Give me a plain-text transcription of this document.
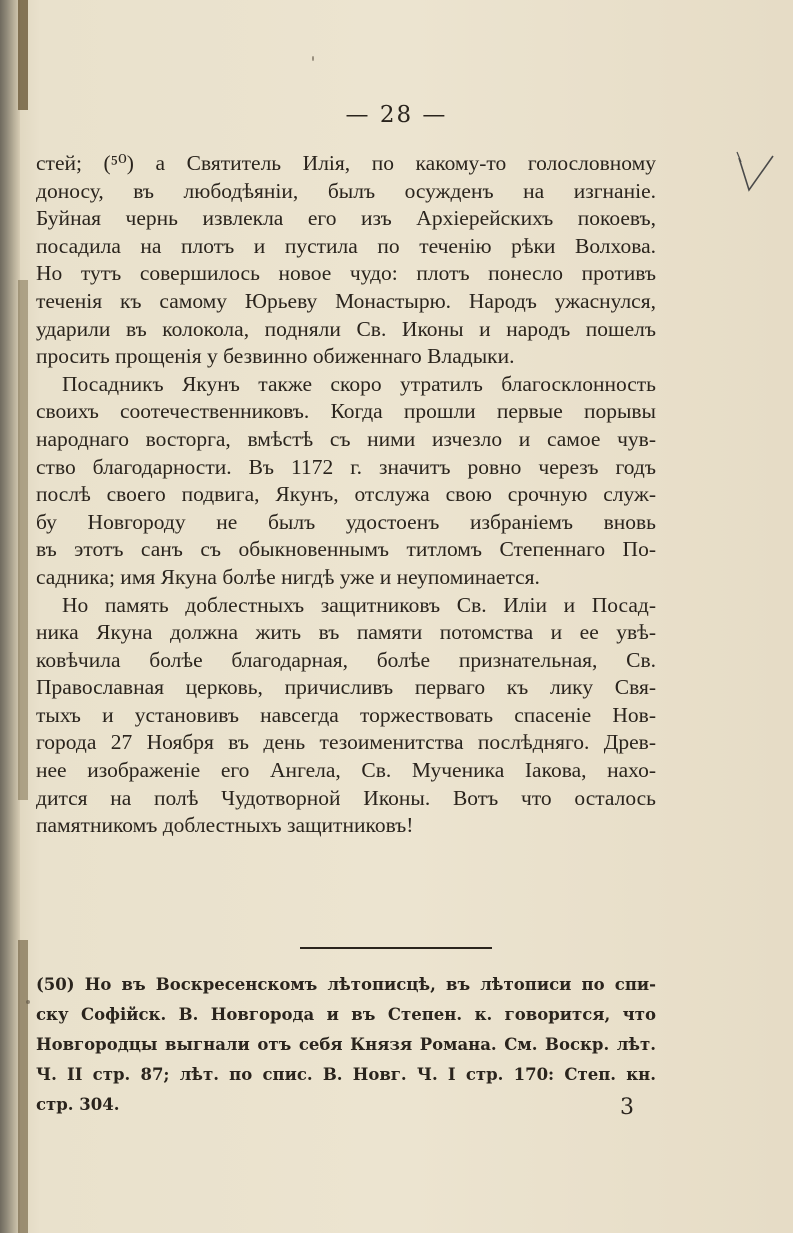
— 28 —

стей; (⁵⁰) а Святитель Илія, по какому-то голословному
доносу, въ любодѣяніи, былъ осужденъ на изгнаніе.
Буйная чернь извлекла его изъ Архіерейскихъ покоевъ,
посадила на плотъ и пустила по теченію рѣки Волхова.
Но тутъ совершилось новое чудо: плотъ понесло противъ
теченія къ самому Юрьеву Монастырю. Народъ ужаснулся,
ударили въ колокола, подняли Св. Иконы и народъ пошелъ
просить прощенія у безвинно обиженнаго Владыки.

Посадникъ Якунъ также скоро утратилъ благосклонность
своихъ соотечественниковъ. Когда прошли первые порывы
народнаго восторга, вмѣстѣ съ ними изчезло и самое чув-
ство благодарности. Въ 1172 г. значитъ ровно черезъ годъ
послѣ своего подвига, Якунъ, отслужа свою срочную служ-
бу Новгороду не былъ удостоенъ избраніемъ вновь
въ этотъ санъ съ обыкновеннымъ титломъ Степеннаго По-
садника; имя Якуна болѣе нигдѣ уже и неупоминается.

Но память доблестныхъ защитниковъ Св. Иліи и Посад-
ника Якуна должна жить въ памяти потомства и ее увѣ-
ковѣчила болѣе благодарная, болѣе признательная, Св.
Православная церковь, причисливъ перваго къ лику Свя-
тыхъ и установивъ навсегда торжествовать спасеніе Нов-
города 27 Ноября въ день тезоименитства послѣдняго. Древ-
нее изображеніе его Ангела, Св. Мученика Іакова, нахо-
дится на полѣ Чудотворной Иконы. Вотъ что осталось
памятникомъ доблестныхъ защитниковъ!

(50) Но въ Воскресенскомъ лѣтописцѣ, въ лѣтописи по спи-
ску Софійск. В. Новгорода и въ Степен. к. говорится, что
Новгородцы выгнали отъ себя Князя Романа. См. Воскр. лѣт.
Ч. II стр. 87; лѣт. по спис. В. Новг. Ч. I стр. 170: Степ. кн.
стр. 304.	3
